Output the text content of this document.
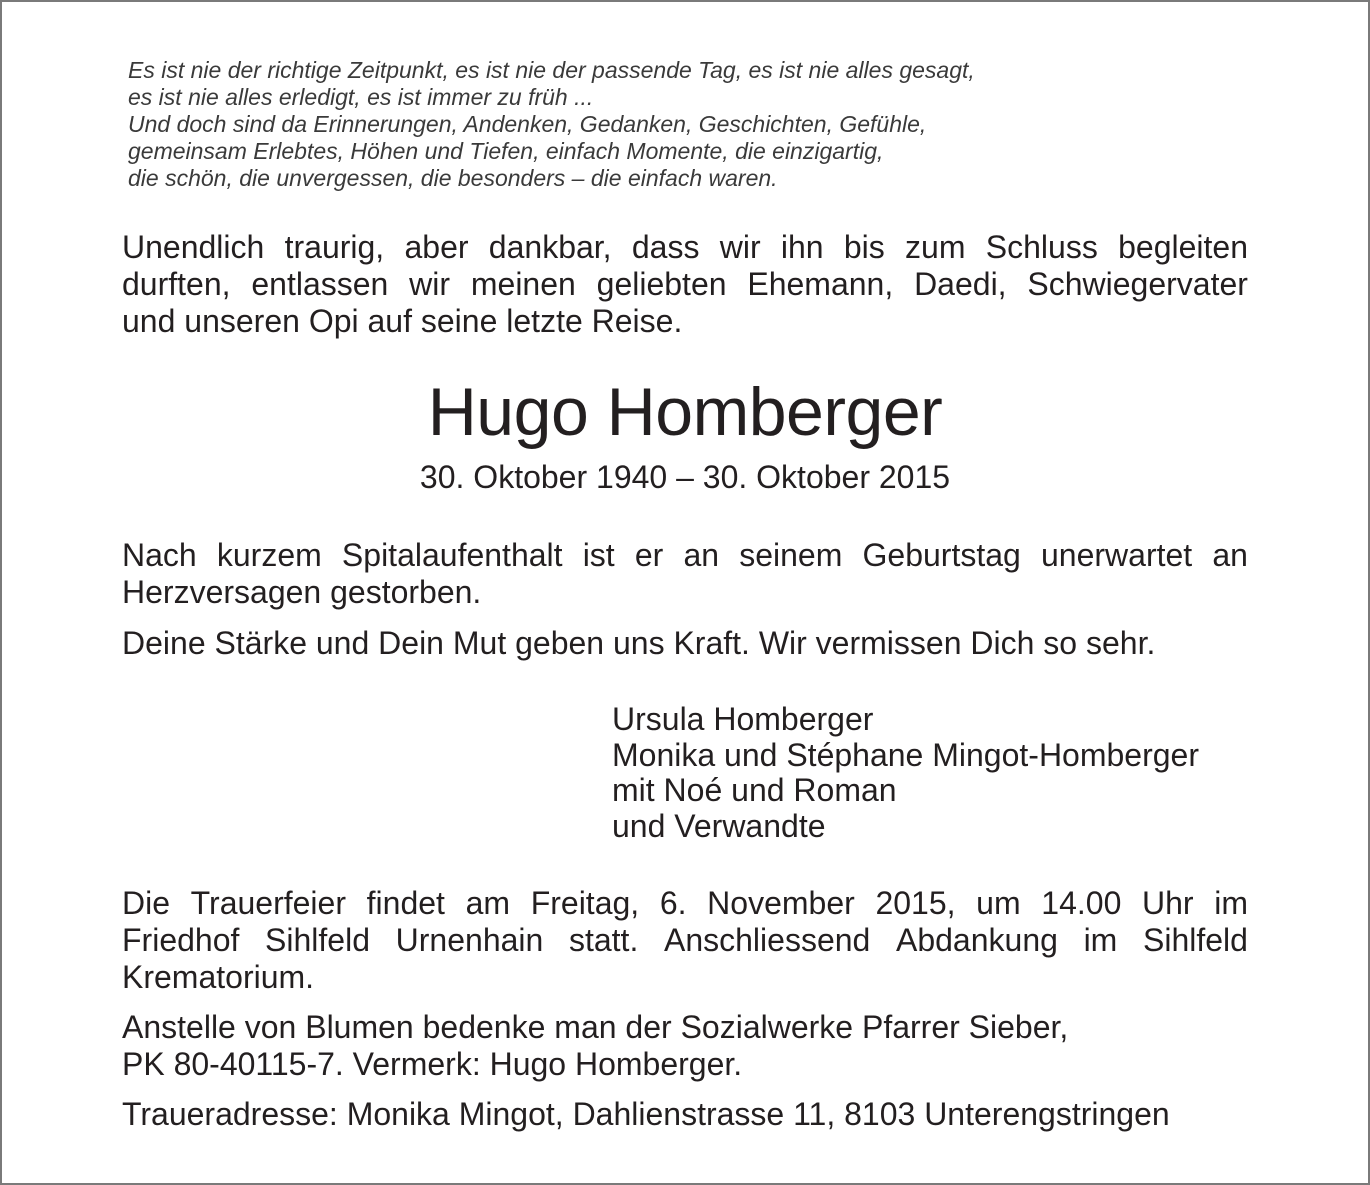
Es ist nie der richtige Zeitpunkt, es ist nie der passende Tag, es ist nie alles gesagt,
es ist nie alles erledigt, es ist immer zu früh ...
Und doch sind da Erinnerungen, Andenken, Gedanken, Geschichten, Gefühle,
gemeinsam Erlebtes, Höhen und Tiefen, einfach Momente, die einzigartig,
die schön, die unvergessen, die besonders – die einfach waren.
Unendlich traurig, aber dankbar, dass wir ihn bis zum Schluss begleiten
durften, entlassen wir meinen geliebten Ehemann, Daedi, Schwiegervater
und unseren Opi auf seine letzte Reise.
Hugo Homberger
30. Oktober 1940 – 30. Oktober 2015
Nach kurzem Spitalaufenthalt ist er an seinem Geburtstag unerwartet an
Herzversagen gestorben.
Deine Stärke und Dein Mut geben uns Kraft. Wir vermissen Dich so sehr.
Ursula Homberger
Monika und Stéphane Mingot-Homberger
mit Noé und Roman
und Verwandte
Die Trauerfeier findet am Freitag, 6. November 2015, um 14.00 Uhr im
Friedhof Sihlfeld Urnenhain statt. Anschliessend Abdankung im Sihlfeld
Krematorium.
Anstelle von Blumen bedenke man der Sozialwerke Pfarrer Sieber,
PK 80-40115-7. Vermerk: Hugo Homberger.
Traueradresse: Monika Mingot, Dahlienstrasse 11, 8103 Unterengstringen
